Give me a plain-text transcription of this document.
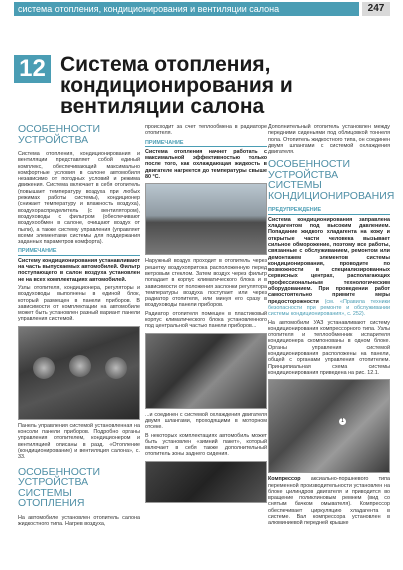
система отопления, кондиционирования и вентиляции салона	247
12 Система отопления, кондиционирования и вентиляции салона
ОСОБЕННОСТИ УСТРОЙСТВА

Система отопления, кондиционирования и вентиляции представляет собой единый комплекс, обеспечивающий максимально комфортные условия в салоне автомобиля независимо от погодных условий и режима движения. Система включает в себя отопитель (повышает температуру воздуха при любых режимах работы системы), кондиционер (снижает температуру и влажность воздуха), воздухораспределитель (с вентилятором), воздуховоды с фильтром (обеспечивают воздухообмен в салоне, очищают воздух от пыли), а также систему управления (управляет всеми элементами системы для поддержания заданных параметров комфорта).

ПРИМЕЧАНИЕ

Систему кондиционирования устанавливают на часть выпускаемых автомобилей. Фильтр поступающего в салон воздуха установлен не на всех комплектациях автомобилей.

Узлы отопителя, кондиционера, регуляторы и воздуховоды выполнены в единой блок, который размещен в панели приборов. В зависимости от комплектации на автомобиле может быть установлен разный вариант панели управления системой.

Панель управления системой установленная на консоли панели приборов. Подробно органы управления отопителем, кондиционером и вентиляцией описаны в разд. «Отопление (кондиционирование) и вентиляция салона», с. 33.

ОСОБЕННОСТИ УСТРОЙСТВА СИСТЕМЫ ОТОПЛЕНИЯ

На автомобиле установлен отопитель салона жидкостного типа. Нагрев воздуха,

происходит за счет теплообмена в радиаторе отопителя.

ПРИМЕЧАНИЕ

Система отопления начнет работать с максимальной эффективностью только после того, как охлаждающая жидкость в двигателе нагреется до температуры свыше 80 °C.

Наружный воздух проходит в отопитель через решетку воздухопритока расположенную перед ветровым стеклом. Затем воздух через фильтр попадает в корпус климатического блока и в зависимости от положения заслонки регулятора температуры воздуха поступает или через радиатор отопителя, или минуя его сразу в воздуховоды панели приборов.

Радиатор отопителя помещен в пластиковый корпус климатического блока установленного под центральной частью панели приборов...

...и соединен с системой охлаждения двигателя двумя шлангами, проходящими в моторном отсеке.

В некоторых комплектациях автомобиль может быть установлен «зимний пакет», который включает в себя также дополнительный отопитель зоны заднего сидения.

Дополнительный отопитель установлен между передними сиденьями под облицовкой тоннеля пола. Отопитель жидкостного типа, он соединен двумя шлангами с системой охлаждения двигателя.

ОСОБЕННОСТИ УСТРОЙСТВА СИСТЕМЫ КОНДИЦИОНИРОВАНИЯ
ПРЕДУПРЕЖДЕНИЕ

Система кондиционирования заправлена хладагентом под высоким давлением. Попадание жидкого хладагента на кожу и открытые части человека вызывает сильное обморожение, поэтому все работы, связанные с обслуживанием, ремонтом или демонтажем элементов системы кондиционирования, проводите по возможности в специализированных сервисных центрах, располагающих профессиональным технологическим оборудованием. При проведении работ самостоятельно примите меры предосторожности (см. «Правила техники безопасности при ремонте и обслуживании системы кондиционирования», с. 252).

На автомобили УАЗ устанавливают систему кондиционирования компрессорного типа. Узлы отопителя и теплообменник испарителя кондиционера скомпонованы в одном блоке. Органы управления системой кондиционирования расположены на панели, общей с органами управления отопителем. Принципиальная схема системы кондиционирования приведена на рис. 12.1.

1

Компрессор аксиально-поршневого типа переменной производительности установлен на блоке цилиндров двигателя и приводится во вращение поликлиновым ремнем (вид со снятым бачком омывателя). Компрессор обеспечивает циркуляцию хладагента в системе. Вал компрессора установлен в алюминиевой передней крышке
